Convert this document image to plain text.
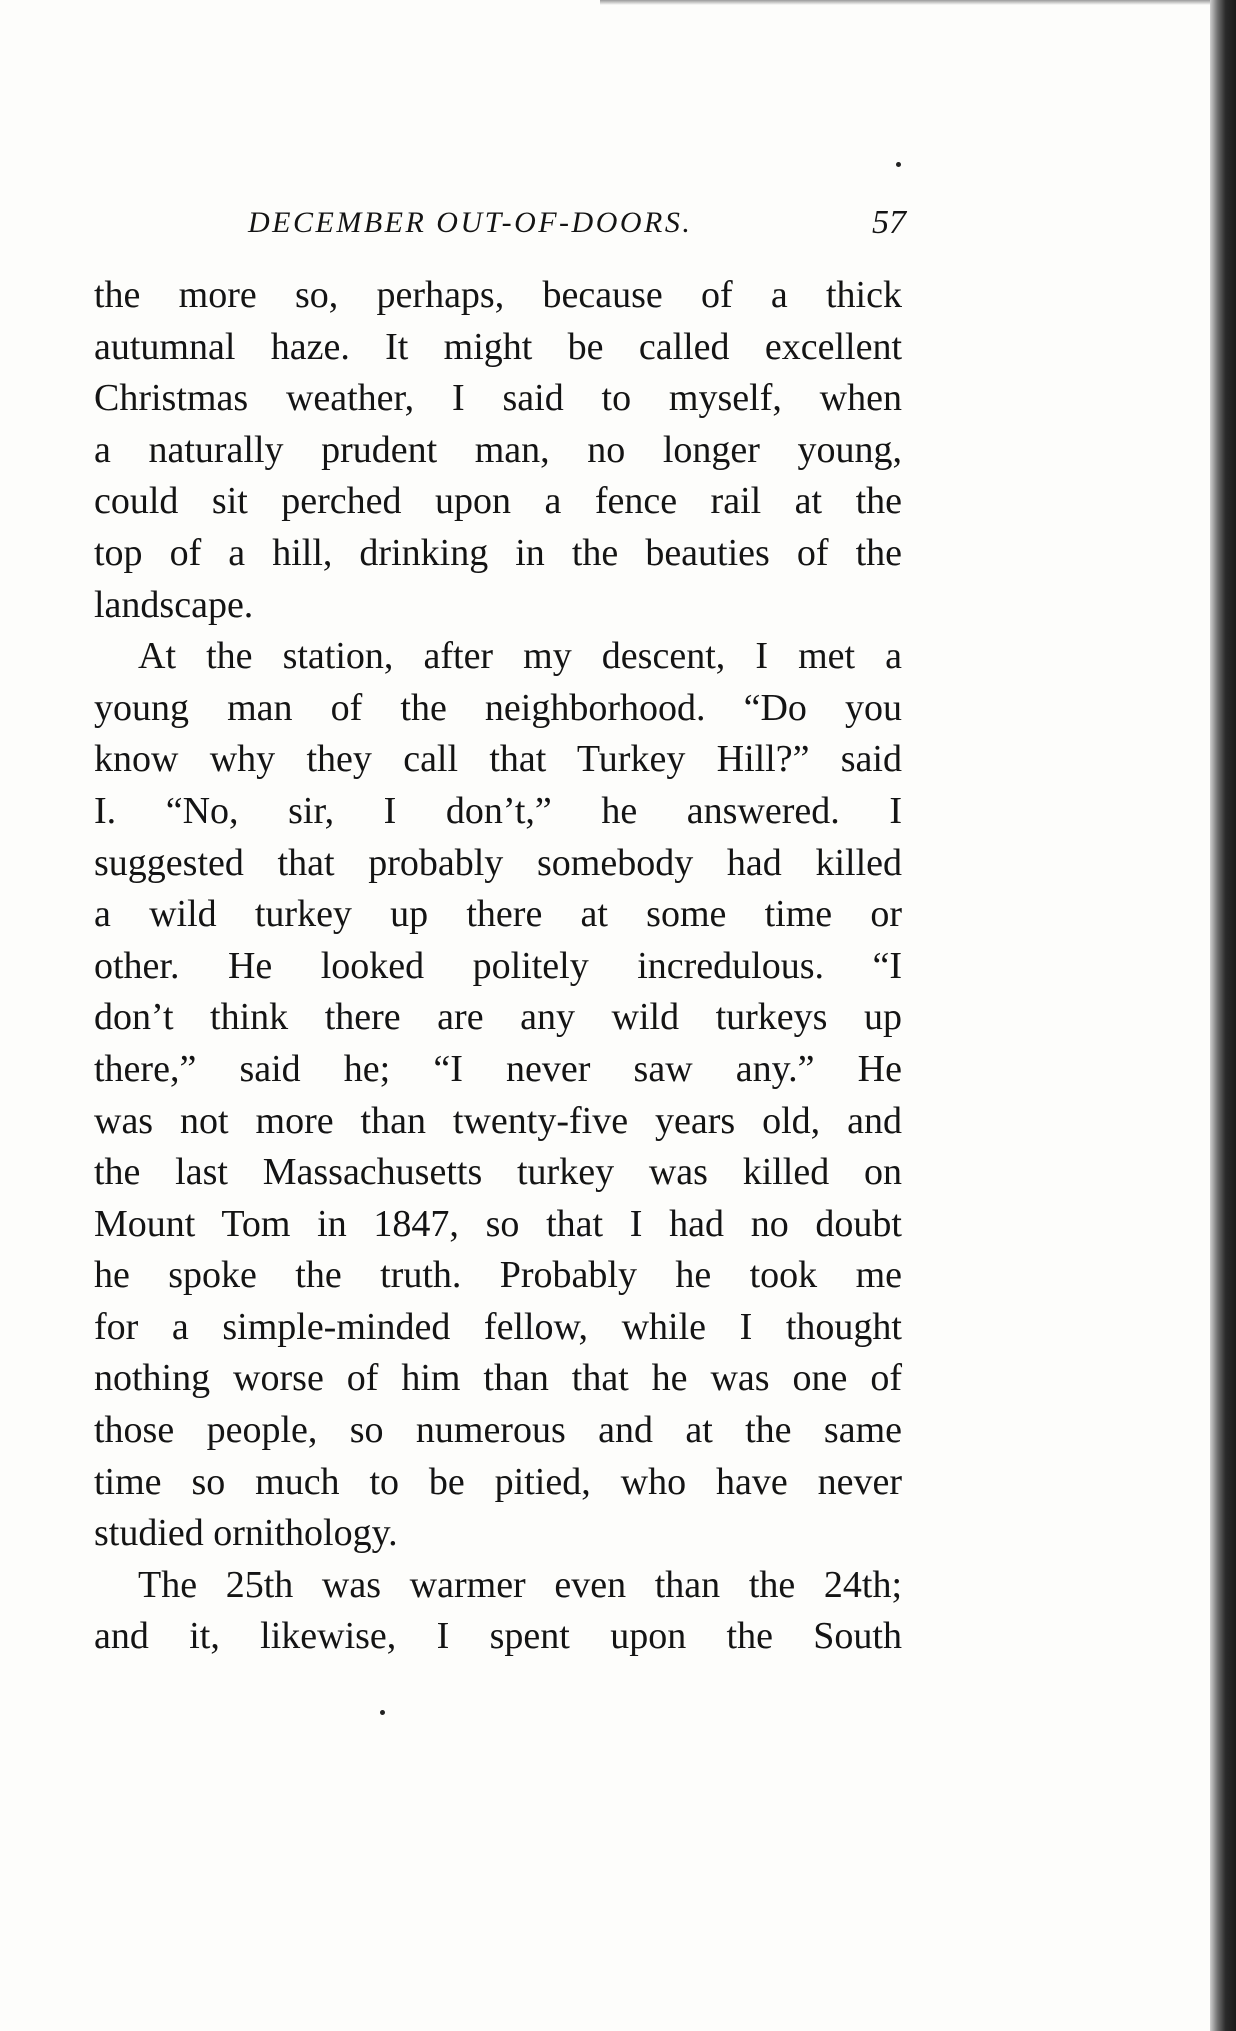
DECEMBER OUT-OF-DOORS.	57
the more so, perhaps, because of a thick
autumnal haze. It might be called excellent
Christmas weather, I said to myself, when
a naturally prudent man, no longer young,
could sit perched upon a fence rail at the
top of a hill, drinking in the beauties of the
landscape.
At the station, after my descent, I met a
young man of the neighborhood. “Do you
know why they call that Turkey Hill?” said
I. “No, sir, I don’t,” he answered. I
suggested that probably somebody had killed
a wild turkey up there at some time or
other. He looked politely incredulous. “I
don’t think there are any wild turkeys up
there,” said he; “I never saw any.” He
was not more than twenty-five years old, and
the last Massachusetts turkey was killed on
Mount Tom in 1847, so that I had no doubt
he spoke the truth. Probably he took me
for a simple-minded fellow, while I thought
nothing worse of him than that he was one of
those people, so numerous and at the same
time so much to be pitied, who have never
studied ornithology.
The 25th was warmer even than the 24th;
and it, likewise, I spent upon the South
